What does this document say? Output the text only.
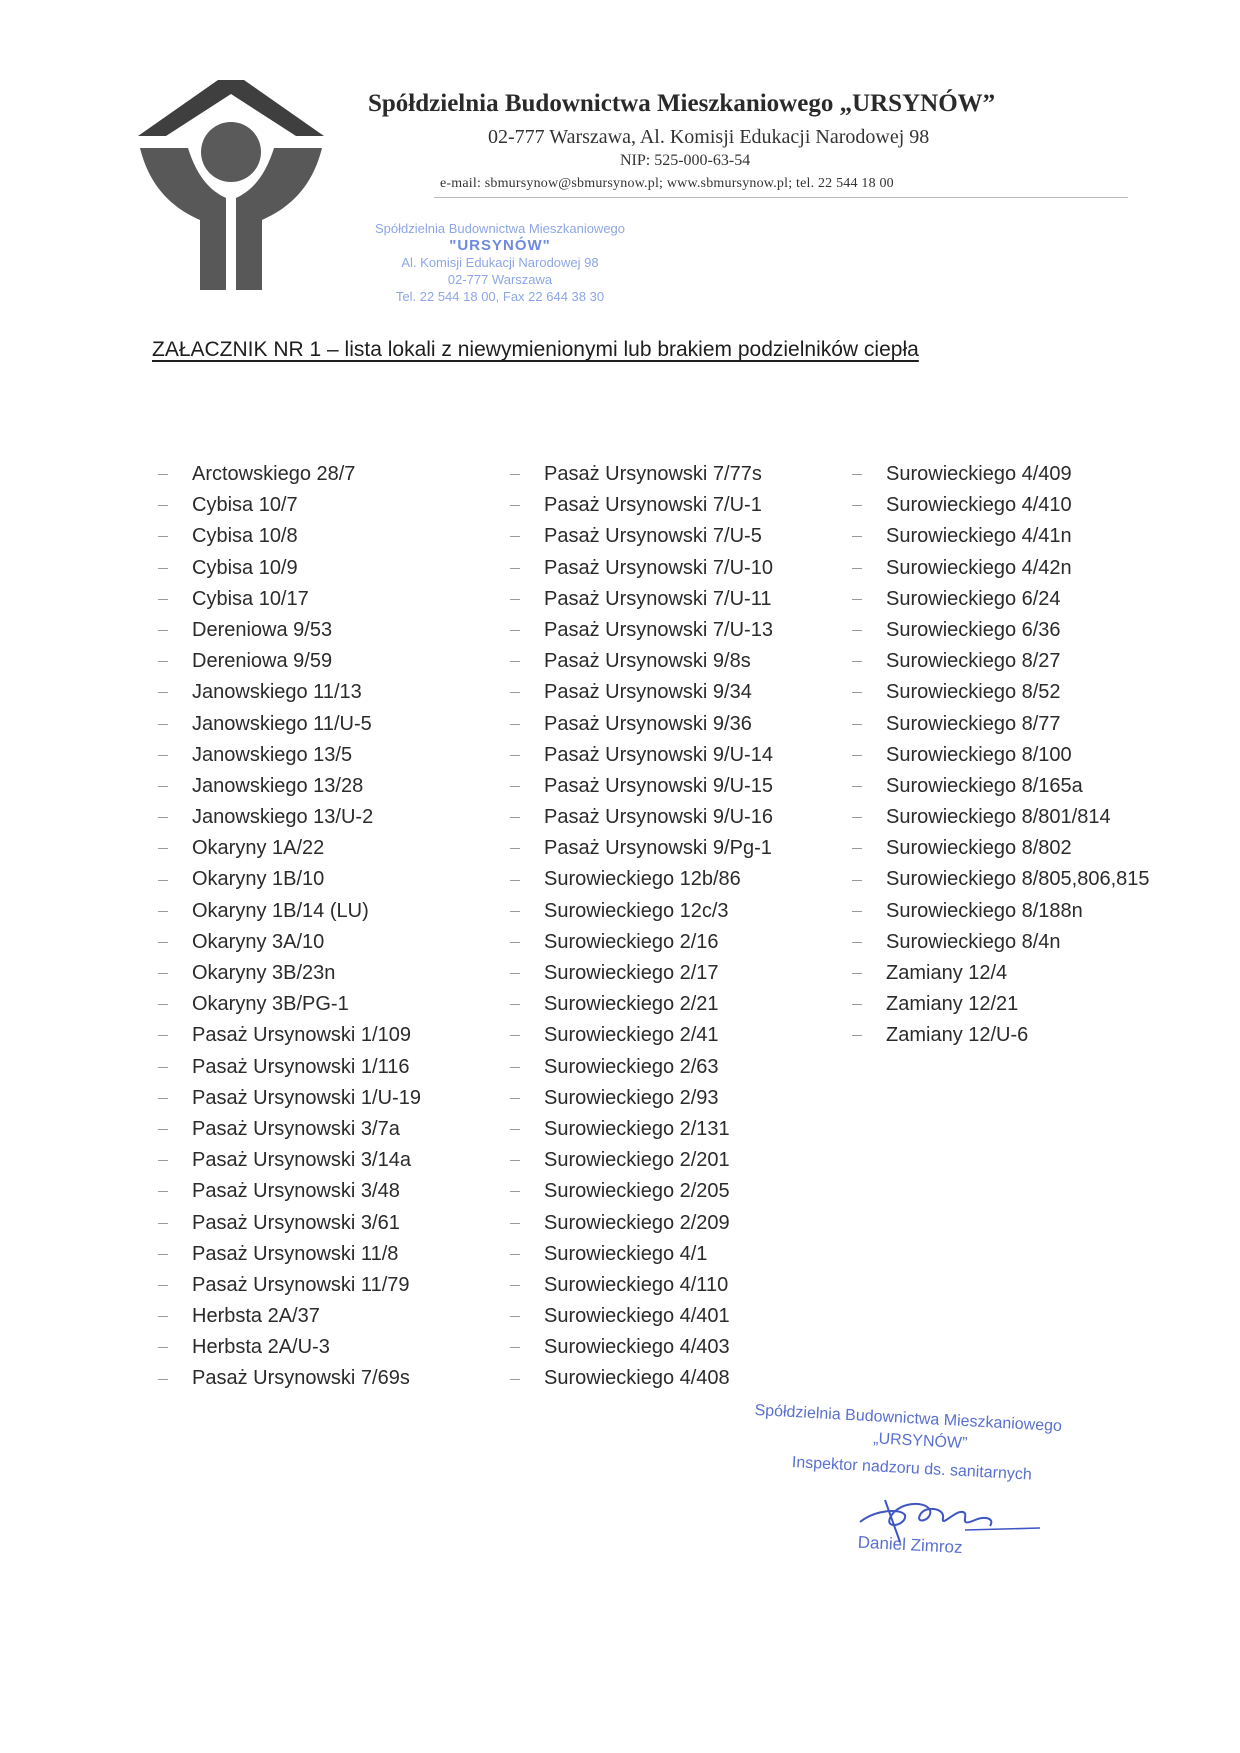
Spółdzielnia Budownictwa Mieszkaniowego „URSYNÓW”
02-777 Warszawa, Al. Komisji Edukacji Narodowej 98
NIP: 525-000-63-54
e-mail: sbmursynow@sbmursynow.pl; www.sbmursynow.pl; tel. 22 544 18 00
Spółdzielnia Budownictwa Mieszkaniowego
"URSYNÓW"
Al. Komisji Edukacji Narodowej 98
02-777 Warszawa
Tel. 22 544 18 00, Fax 22 644 38 30
ZAŁACZNIK NR 1 – lista lokali z niewymienionymi lub brakiem podzielników ciepła
Arctowskiego 28/7
Cybisa 10/7
Cybisa 10/8
Cybisa 10/9
Cybisa 10/17
Dereniowa 9/53
Dereniowa 9/59
Janowskiego 11/13
Janowskiego 11/U-5
Janowskiego 13/5
Janowskiego 13/28
Janowskiego 13/U-2
Okaryny 1A/22
Okaryny 1B/10
Okaryny 1B/14 (LU)
Okaryny 3A/10
Okaryny 3B/23n
Okaryny 3B/PG-1
Pasaż Ursynowski 1/109
Pasaż Ursynowski 1/116
Pasaż Ursynowski 1/U-19
Pasaż Ursynowski 3/7a
Pasaż Ursynowski 3/14a
Pasaż Ursynowski 3/48
Pasaż Ursynowski 3/61
Pasaż Ursynowski 11/8
Pasaż Ursynowski 11/79
Herbsta 2A/37
Herbsta 2A/U-3
Pasaż Ursynowski 7/69s
Pasaż Ursynowski 7/77s
Pasaż Ursynowski 7/U-1
Pasaż Ursynowski 7/U-5
Pasaż Ursynowski 7/U-10
Pasaż Ursynowski 7/U-11
Pasaż Ursynowski 7/U-13
Pasaż Ursynowski 9/8s
Pasaż Ursynowski 9/34
Pasaż Ursynowski 9/36
Pasaż Ursynowski 9/U-14
Pasaż Ursynowski 9/U-15
Pasaż Ursynowski 9/U-16
Pasaż Ursynowski 9/Pg-1
Surowieckiego 12b/86
Surowieckiego 12c/3
Surowieckiego 2/16
Surowieckiego 2/17
Surowieckiego 2/21
Surowieckiego 2/41
Surowieckiego 2/63
Surowieckiego 2/93
Surowieckiego 2/131
Surowieckiego 2/201
Surowieckiego 2/205
Surowieckiego 2/209
Surowieckiego 4/1
Surowieckiego 4/110
Surowieckiego 4/401
Surowieckiego 4/403
Surowieckiego 4/408
Surowieckiego 4/409
Surowieckiego 4/410
Surowieckiego 4/41n
Surowieckiego 4/42n
Surowieckiego 6/24
Surowieckiego 6/36
Surowieckiego 8/27
Surowieckiego 8/52
Surowieckiego 8/77
Surowieckiego 8/100
Surowieckiego 8/165a
Surowieckiego 8/801/814
Surowieckiego 8/802
Surowieckiego 8/805,806,815
Surowieckiego 8/188n
Surowieckiego 8/4n
Zamiany 12/4
Zamiany 12/21
Zamiany 12/U-6
Spółdzielnia Budownictwa Mieszkaniowego
„URSYNÓW”
Inspektor nadzoru ds. sanitarnych
Daniel Zimroz
